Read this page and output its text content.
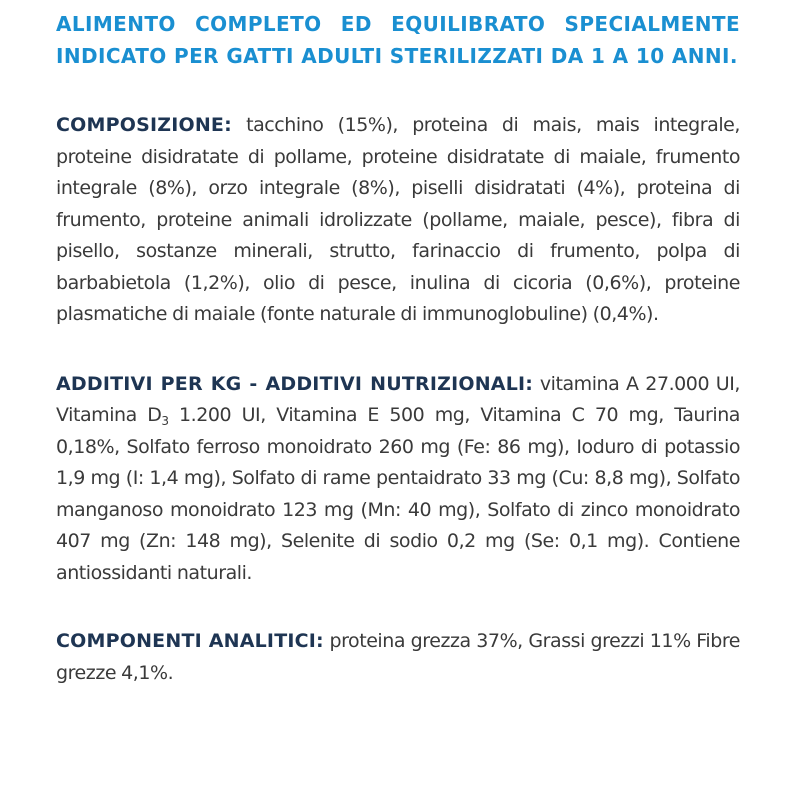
ALIMENTO COMPLETO ED EQUILIBRATO SPECIALMENTE
INDICATO PER GATTI ADULTI STERILIZZATI DA 1 A 10 ANNI.

COMPOSIZIONE: tacchino (15%), proteina di mais, mais integrale, proteine disidratate di pollame, proteine disidratate di maiale, frumento integrale (8%), orzo integrale (8%), piselli disidratati (4%), proteina di frumento, proteine animali idrolizzate (pollame, maiale, pesce), fibra di pisello, sostanze minerali, strutto, farinaccio di frumento, polpa di barbabietola (1,2%), olio di pesce, inulina di cicoria (0,6%), proteine plasmatiche di maiale (fonte naturale di immunoglobuline) (0,4%).

ADDITIVI PER KG - ADDITIVI NUTRIZIONALI: vitamina A 27.000 UI, Vitamina $D_3$ 1.200 UI, Vitamina E 500 mg, Vitamina C 70 mg, Taurina 0,18%, Solfato ferroso monoidrato 260 mg (Fe: 86 mg), Ioduro di potassio 1,9 mg (I: 1,4 mg), Solfato di rame pentaidrato 33 mg (Cu: 8,8 mg), Solfato manganoso monoidrato 123 mg (Mn: 40 mg), Solfato di zinco monoidrato 407 mg (Zn: 148 mg), Selenite di sodio 0,2 mg (Se: 0,1 mg). Contiene antiossidanti naturali.

COMPONENTI ANALITICI: proteina grezza 37%, Grassi grezzi 11% Fibre grezze 4,1%.
